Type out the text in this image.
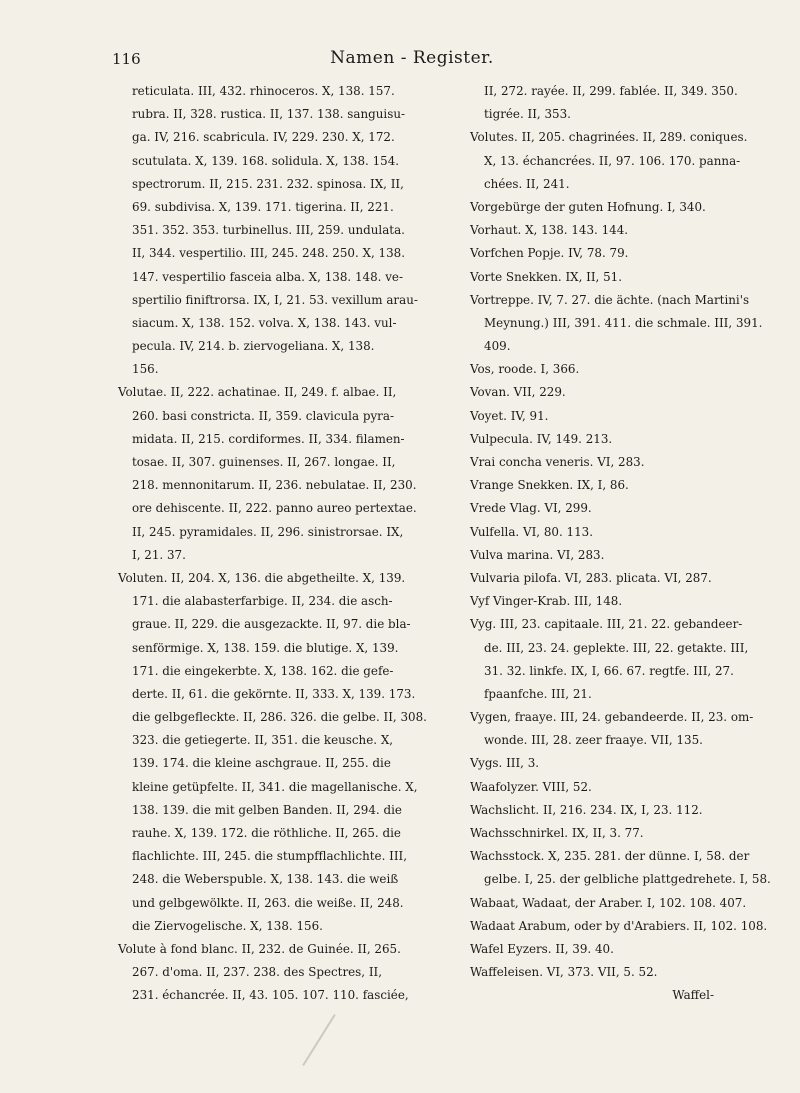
116	Namen - Register.
reticulata. III, 432. rhinoceros. X, 138. 157.
rubra. II, 328. rustica. II, 137. 138. sanguisu-
ga. IV, 216. scabricula. IV, 229. 230. X, 172.
scutulata. X, 139. 168. solidula. X, 138. 154.
spectrorum. II, 215. 231. 232. spinosa. IX, II,
69. subdivisa. X, 139. 171. tigerina. II, 221.
351. 352. 353. turbinellus. III, 259. undulata.
II, 344. vespertilio. III, 245. 248. 250. X, 138.
147. vespertilio fasceia alba. X, 138. 148. ve-
spertilio finiftrorsa. IX, I, 21. 53. vexillum arau-
siacum. X, 138. 152. volva. X, 138. 143. vul-
pecula. IV, 214. b. ziervogeliana. X, 138.
156.
Volutae. II, 222. achatinae. II, 249. f. albae. II,
260. basi constricta. II, 359. clavicula pyra-
midata. II, 215. cordiformes. II, 334. filamen-
tosae. II, 307. guinenses. II, 267. longae. II,
218. mennonitarum. II, 236. nebulatae. II, 230.
ore dehiscente. II, 222. panno aureo pertextae.
II, 245. pyramidales. II, 296. sinistrorsae. IX,
I, 21. 37.
Voluten. II, 204. X, 136. die abgetheilte. X, 139.
171. die alabasterfarbige. II, 234. die asch-
graue. II, 229. die ausgezackte. II, 97. die bla-
senförmige. X, 138. 159. die blutige. X, 139.
171. die eingekerbte. X, 138. 162. die gefe-
derte. II, 61. die gekörnte. II, 333. X, 139. 173.
die gelbgefleckte. II, 286. 326. die gelbe. II, 308.
323. die getiegerte. II, 351. die keusche. X,
139. 174. die kleine aschgraue. II, 255. die
kleine getüpfelte. II, 341. die magellanische. X,
138. 139. die mit gelben Banden. II, 294. die
rauhe. X, 139. 172. die röthliche. II, 265. die
flachlichte. III, 245. die stumpfflachlichte. III,
248. die Weberspuble. X, 138. 143. die weiß
und gelbgewölkte. II, 263. die weiße. II, 248.
die Ziervogelische. X, 138. 156.
Volute à fond blanc. II, 232. de Guinée. II, 265.
267. d'oma. II, 237. 238. des Spectres, II,
231. échancrée. II, 43. 105. 107. 110. fasciée,
II, 272. rayée. II, 299. fablée. II, 349. 350.
tigrée. II, 353.
Volutes. II, 205. chagrinées. II, 289. coniques.
X, 13. échancrées. II, 97. 106. 170. panna-
chées. II, 241.
Vorgebürge der guten Hofnung. I, 340.
Vorhaut. X, 138. 143. 144.
Vorfchen Popje. IV, 78. 79.
Vorte Snekken. IX, II, 51.
Vortreppe. IV, 7. 27. die ächte. (nach Martini's
Meynung.) III, 391. 411. die schmale. III, 391.
409.
Vos, roode. I, 366.
Vovan. VII, 229.
Voyet. IV, 91.
Vulpecula. IV, 149. 213.
Vrai concha veneris. VI, 283.
Vrange Snekken. IX, I, 86.
Vrede Vlag. VI, 299.
Vulfella. VI, 80. 113.
Vulva marina. VI, 283.
Vulvaria pilofa. VI, 283. plicata. VI, 287.
Vyf Vinger-Krab. III, 148.
Vyg. III, 23. capitaale. III, 21. 22. gebandeer-
de. III, 23. 24. geplekte. III, 22. getakte. III,
31. 32. linkfe. IX, I, 66. 67. regtfe. III, 27.
fpaanfche. III, 21.
Vygen, fraaye. III, 24. gebandeerde. II, 23. om-
wonde. III, 28. zeer fraaye. VII, 135.
Vygs. III, 3.
Waafolyzer. VIII, 52.
Wachslicht. II, 216. 234. IX, I, 23. 112.
Wachsschnirkel. IX, II, 3. 77.
Wachsstock. X, 235. 281. der dünne. I, 58. der
gelbe. I, 25. der gelbliche plattgedrehete. I, 58.
Wabaat, Wadaat, der Araber. I, 102. 108. 407.
Wadaat Arabum, oder by d'Arabiers. II, 102. 108.
Wafel Eyzers. II, 39. 40.
Waffeleisen. VI, 373. VII, 5. 52.
Waffel-
